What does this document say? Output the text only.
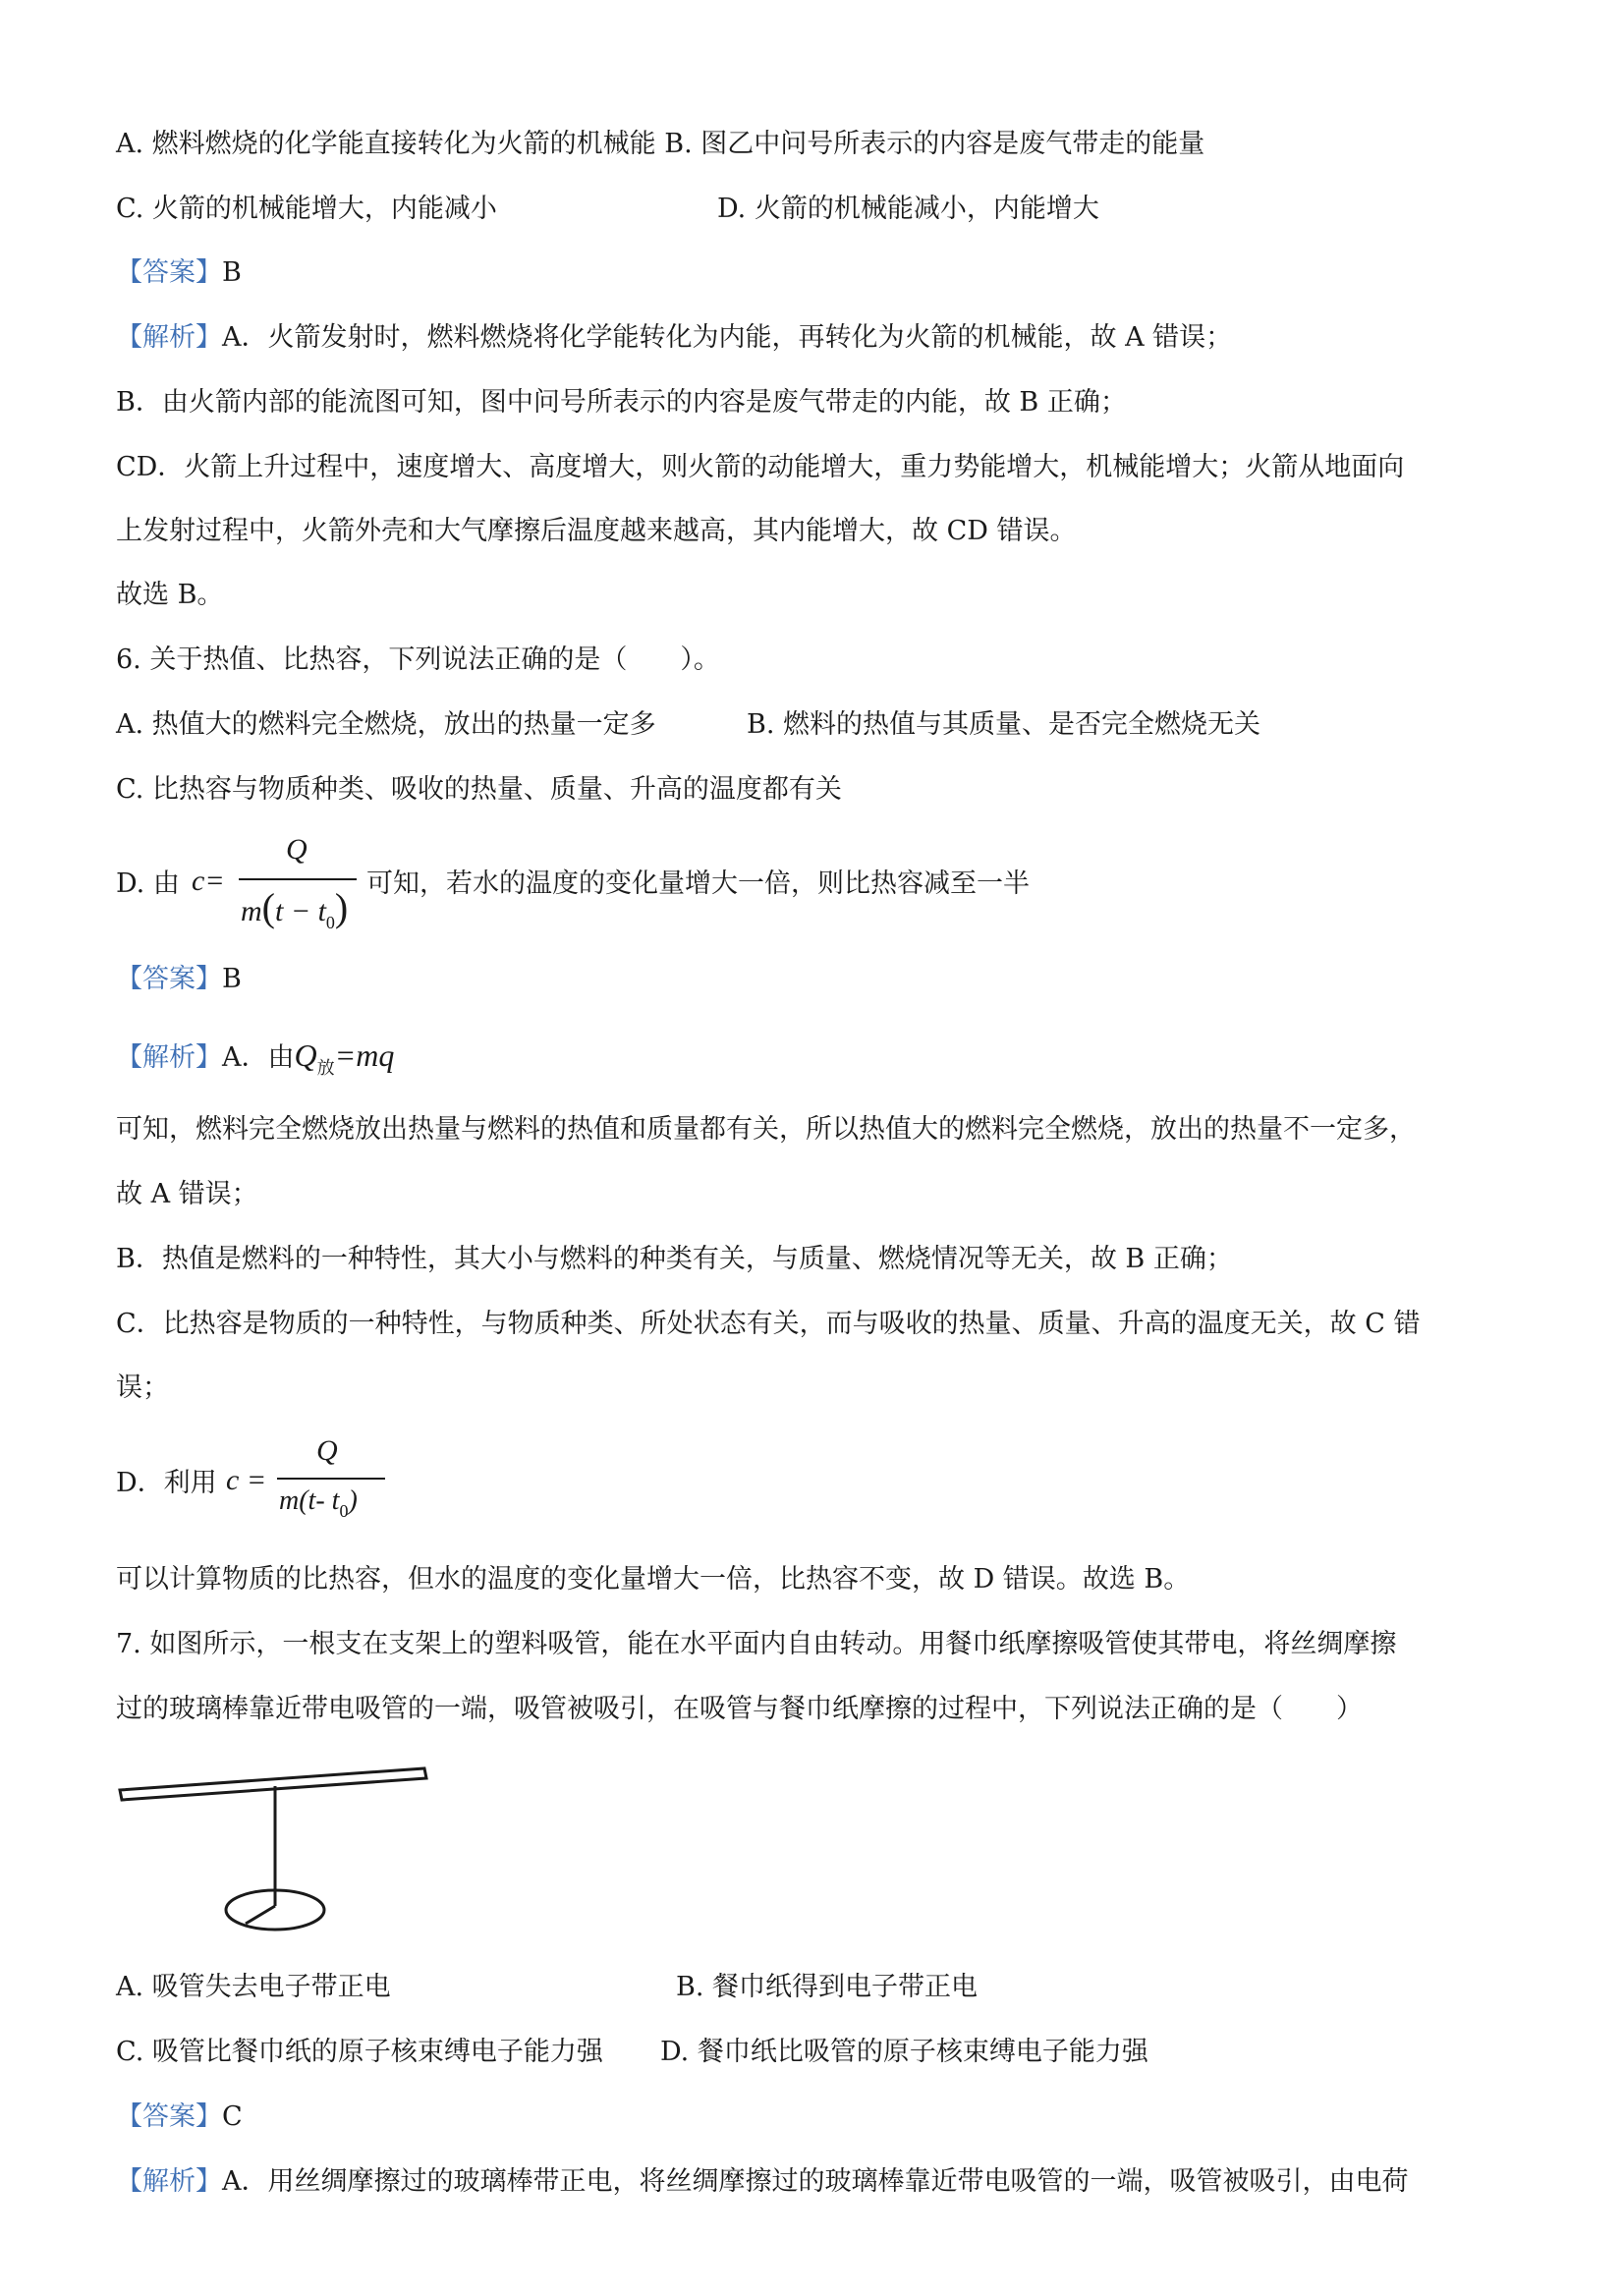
A. 燃料燃烧的化学能直接转化为火箭的机械能 B. 图乙中问号所表示的内容是废气带走的能量
C. 火箭的机械能增大，内能减小	D. 火箭的机械能减小，内能增大
【答案】B
【解析】A．火箭发射时，燃料燃烧将化学能转化为内能，再转化为火箭的机械能，故 A 错误；
B．由火箭内部的能流图可知，图中问号所表示的内容是废气带走的内能，故 B 正确；
CD．火箭上升过程中，速度增大、高度增大，则火箭的动能增大，重力势能增大，机械能增大；火箭从地面向
上发射过程中，火箭外壳和大气摩擦后温度越来越高，其内能增大，故 CD 错误。
故选 B。
6. 关于热值、比热容，下列说法正确的是（　　）。
A. 热值大的燃料完全燃烧，放出的热量一定多	B. 燃料的热值与其质量、是否完全燃烧无关
C. 比热容与物质种类、吸收的热量、质量、升高的温度都有关
D. 由 c=
Q
$m(t - t_0)$
可知，若水的温度的变化量增大一倍，则比热容减至一半
【答案】B
【解析】A．由$Q_放=mq$
可知，燃料完全燃烧放出热量与燃料的热值和质量都有关，所以热值大的燃料完全燃烧，放出的热量不一定多，
故 A 错误；
B．热值是燃料的一种特性，其大小与燃料的种类有关，与质量、燃烧情况等无关，故 B 正确；
C．比热容是物质的一种特性，与物质种类、所处状态有关，而与吸收的热量、质量、升高的温度无关，故 C 错
误；
D．利用 c =
Q
m(t- $t_0$)
可以计算物质的比热容，但水的温度的变化量增大一倍，比热容不变，故 D 错误。故选 B。
7. 如图所示，一根支在支架上的塑料吸管，能在水平面内自由转动。用餐巾纸摩擦吸管使其带电，将丝绸摩擦
过的玻璃棒靠近带电吸管的一端，吸管被吸引，在吸管与餐巾纸摩擦的过程中，下列说法正确的是（　　）
A. 吸管失去电子带正电	B. 餐巾纸得到电子带正电
C. 吸管比餐巾纸的原子核束缚电子能力强 D. 餐巾纸比吸管的原子核束缚电子能力强
【答案】C
【解析】A．用丝绸摩擦过的玻璃棒带正电，将丝绸摩擦过的玻璃棒靠近带电吸管的一端，吸管被吸引，由电荷
